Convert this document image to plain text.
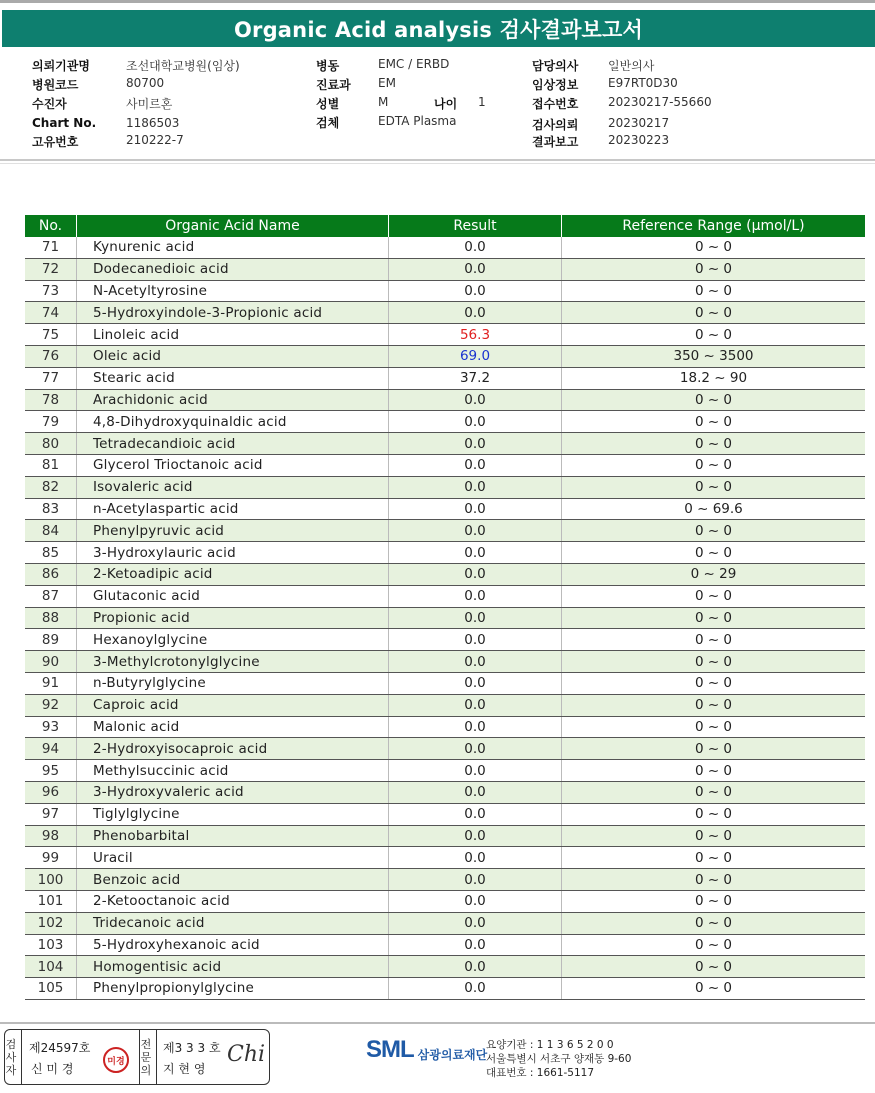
Organic Acid analysis 검사결과보고서
의뢰기관명	조선대학교병원(임상)
병원코드	80700
수진자	사미르혼
Chart No. 1186503
고유번호	210222-7
병동	EMC / ERBD
진료과 EM
성별	M	나이 1
검체	EDTA Plasma
담당의사 일반의사
임상정보 E97RT0D30
접수번호 20230217-55660
검사의뢰 20230217
결과보고 20230223
No.	Organic Acid Name	Result	Reference Range (µmol/L)
71	Kynurenic acid	0.0	0 ~ 0
72	Dodecanedioic acid	0.0	0 ~ 0
73	N-Acetyltyrosine	0.0	0 ~ 0
74	5-Hydroxyindole-3-Propionic acid	0.0	0 ~ 0
75	Linoleic acid	56.3	0 ~ 0
76	Oleic acid	69.0	350 ~ 3500
77	Stearic acid	37.2	18.2 ~ 90
78	Arachidonic acid	0.0	0 ~ 0
79	4,8-Dihydroxyquinaldic acid	0.0	0 ~ 0
80	Tetradecandioic acid	0.0	0 ~ 0
81	Glycerol Trioctanoic acid	0.0	0 ~ 0
82	Isovaleric acid	0.0	0 ~ 0
83	n-Acetylaspartic acid	0.0	0 ~ 69.6
84	Phenylpyruvic acid	0.0	0 ~ 0
85	3-Hydroxylauric acid	0.0	0 ~ 0
86	2-Ketoadipic acid	0.0	0 ~ 29
87	Glutaconic acid	0.0	0 ~ 0
88	Propionic acid	0.0	0 ~ 0
89	Hexanoylglycine	0.0	0 ~ 0
90	3-Methylcrotonylglycine	0.0	0 ~ 0
91	n-Butyrylglycine	0.0	0 ~ 0
92	Caproic acid	0.0	0 ~ 0
93	Malonic acid	0.0	0 ~ 0
94	2-Hydroxyisocaproic acid	0.0	0 ~ 0
95	Methylsuccinic acid	0.0	0 ~ 0
96	3-Hydroxyvaleric acid	0.0	0 ~ 0
97	Tiglylglycine	0.0	0 ~ 0
98	Phenobarbital	0.0	0 ~ 0
99	Uracil	0.0	0 ~ 0
100	Benzoic acid	0.0	0 ~ 0
101	2-Ketooctanoic acid	0.0	0 ~ 0
102	Tridecanoic acid	0.0	0 ~ 0
103	5-Hydroxyhexanoic acid	0.0	0 ~ 0
104	Homogentisic acid	0.0	0 ~ 0
105	Phenylpropionylglycine	0.0	0 ~ 0
검사자
제24597호
신 미 경
미경
전문의
제3 3 3 호
지 현 영
Chi	SML 삼광의료재단
요양기관 : 1 1 3 6 5 2 0 0
서울특별시 서초구 양재동 9-60
대표번호 : 1661-5117
